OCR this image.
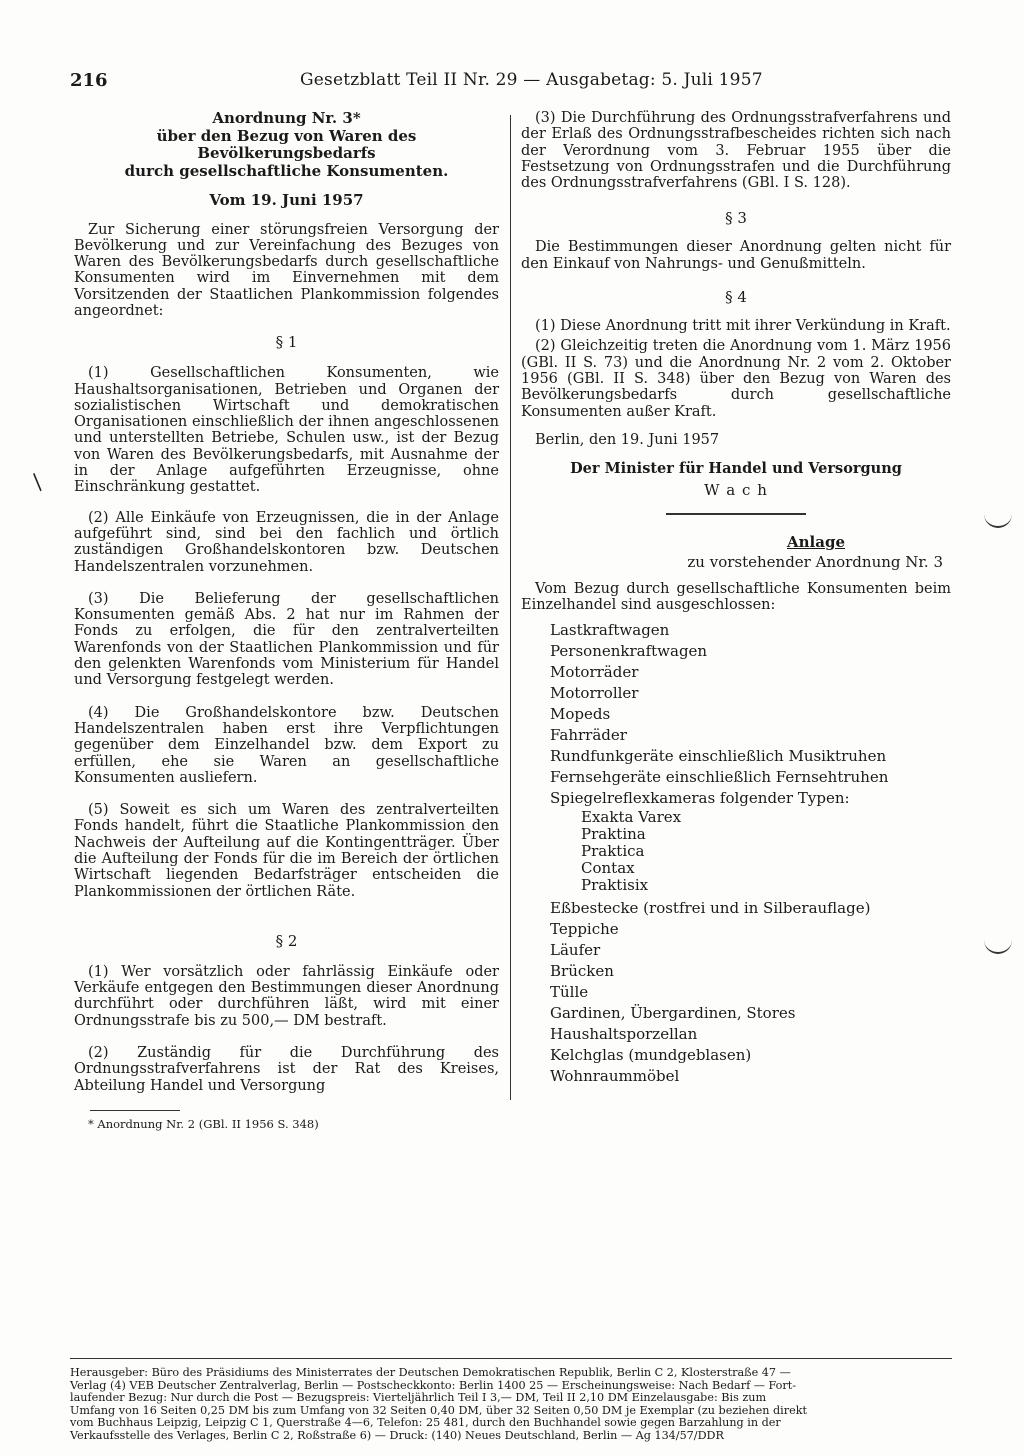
216	Gesetzblatt Teil II Nr. 29 — Ausgabetag: 5. Juli 1957
Anordnung Nr. 3*
über den Bezug von Waren des Bevölkerungsbedarfs
durch gesellschaftliche Konsumenten.
Vom 19. Juni 1957

Zur Sicherung einer störungsfreien Versorgung der Bevölkerung und zur Vereinfachung des Bezuges von Waren des Bevölkerungsbedarfs durch gesellschaftliche Konsumenten wird im Einvernehmen mit dem Vorsitzenden der Staatlichen Plankommission folgendes angeordnet:

§ 1

(1) Gesellschaftlichen Konsumenten, wie Haushaltsorganisationen, Betrieben und Organen der sozialistischen Wirtschaft und demokratischen Organisationen einschließlich der ihnen angeschlossenen und unterstellten Betriebe, Schulen usw., ist der Bezug von Waren des Bevölkerungsbedarfs, mit Ausnahme der in der Anlage aufgeführten Erzeugnisse, ohne Einschränkung gestattet.

(2) Alle Einkäufe von Erzeugnissen, die in der Anlage aufgeführt sind, sind bei den fachlich und örtlich zuständigen Großhandelskontoren bzw. Deutschen Handelszentralen vorzunehmen.

(3) Die Belieferung der gesellschaftlichen Konsumenten gemäß Abs. 2 hat nur im Rahmen der Fonds zu erfolgen, die für den zentralverteilten Warenfonds von der Staatlichen Plankommission und für den gelenkten Warenfonds vom Ministerium für Handel und Versorgung festgelegt werden.

(4) Die Großhandelskontore bzw. Deutschen Handelszentralen haben erst ihre Verpflichtungen gegenüber dem Einzelhandel bzw. dem Export zu erfüllen, ehe sie Waren an gesellschaftliche Konsumenten ausliefern.

(5) Soweit es sich um Waren des zentralverteilten Fonds handelt, führt die Staatliche Plankommission den Nachweis der Aufteilung auf die Kontingentträger. Über die Aufteilung der Fonds für die im Bereich der örtlichen Wirtschaft liegenden Bedarfsträger entscheiden die Plankommissionen der örtlichen Räte.

§ 2

(1) Wer vorsätzlich oder fahrlässig Einkäufe oder Verkäufe entgegen den Bestimmungen dieser Anordnung durchführt oder durchführen läßt, wird mit einer Ordnungsstrafe bis zu 500,— DM bestraft.

(2) Zuständig für die Durchführung des Ordnungsstrafverfahrens ist der Rat des Kreises, Abteilung Handel und Versorgung

* Anordnung Nr. 2 (GBl. II 1956 S. 348)
/

(3) Die Durchführung des Ordnungsstrafverfahrens und der Erlaß des Ordnungsstrafbescheides richten sich nach der Verordnung vom 3. Februar 1955 über die Festsetzung von Ordnungsstrafen und die Durchführung des Ordnungsstrafverfahrens (GBl. I S. 128).

§ 3

Die Bestimmungen dieser Anordnung gelten nicht für den Einkauf von Nahrungs- und Genußmitteln.

§ 4

(1) Diese Anordnung tritt mit ihrer Verkündung in Kraft.

(2) Gleichzeitig treten die Anordnung vom 1. März 1956 (GBl. II S. 73) und die Anordnung Nr. 2 vom 2. Oktober 1956 (GBl. II S. 348) über den Bezug von Waren des Bevölkerungsbedarfs durch gesellschaftliche Konsumenten außer Kraft.

Berlin, den 19. Juni 1957

Der Minister für Handel und Versorgung
W a c h
Anlage
zu vorstehender Anordnung Nr. 3

Vom Bezug durch gesellschaftliche Konsumenten beim Einzelhandel sind ausgeschlossen:

Lastkraftwagen
Personenkraftwagen
Motorräder
Motorroller
Mopeds
Fahrräder
Rundfunkgeräte einschließlich Musiktruhen
Fernsehgeräte einschließlich Fernsehtruhen
Spiegelreflexkameras folgender Typen:
Exakta Varex
Praktina
Praktica
Contax
Praktisix
Eßbestecke (rostfrei und in Silberauflage)
Teppiche
Läufer
Brücken
Tülle
Gardinen, Übergardinen, Stores
Haushaltsporzellan
Kelchglas (mundgeblasen)
Wohnraummöbel
Herausgeber: Büro des Präsidiums des Ministerrates der Deutschen Demokratischen Republik, Berlin C 2, Klosterstraße 47 —
Verlag (4) VEB Deutscher Zentralverlag, Berlin — Postscheckkonto: Berlin 1400 25 — Erscheinungsweise: Nach Bedarf — Fort-
laufender Bezug: Nur durch die Post — Bezugspreis: Vierteljährlich Teil I 3,— DM, Teil II 2,10 DM Einzelausgabe: Bis zum
Umfang von 16 Seiten 0,25 DM bis zum Umfang von 32 Seiten 0,40 DM, über 32 Seiten 0,50 DM je Exemplar (zu beziehen direkt
vom Buchhaus Leipzig, Leipzig C 1, Querstraße 4—6, Telefon: 25 481, durch den Buchhandel sowie gegen Barzahlung in der
Verkaufsstelle des Verlages, Berlin C 2, Roßstraße 6) — Druck: (140) Neues Deutschland, Berlin — Ag 134/57/DDR
